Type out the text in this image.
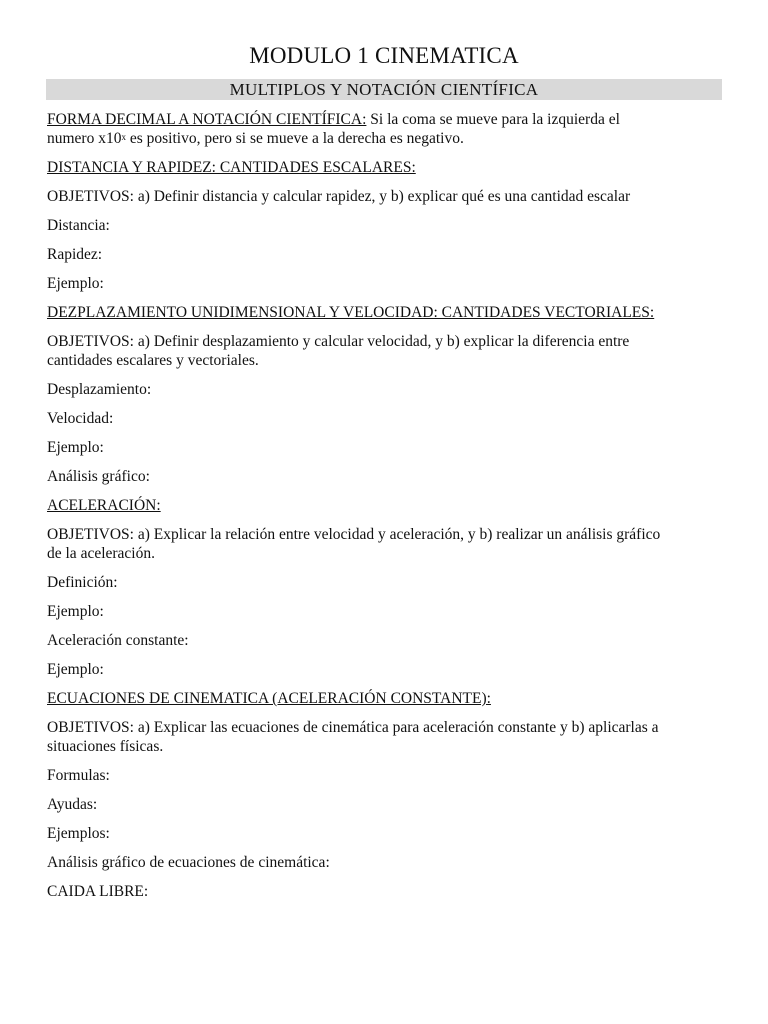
MODULO 1 CINEMATICA
MULTIPLOS Y NOTACIÓN CIENTÍFICA
FORMA DECIMAL A NOTACIÓN CIENTÍFICA: Si la coma se mueve para la izquierda el
numero x10$^x$ es positivo, pero si se mueve a la derecha es negativo.
DISTANCIA Y RAPIDEZ: CANTIDADES ESCALARES:
OBJETIVOS: a) Definir distancia y calcular rapidez, y b) explicar qué es una cantidad escalar
Distancia:
Rapidez:
Ejemplo:
DEZPLAZAMIENTO UNIDIMENSIONAL Y VELOCIDAD: CANTIDADES VECTORIALES:
OBJETIVOS: a) Definir desplazamiento y calcular velocidad, y b) explicar la diferencia entre
cantidades escalares y vectoriales.
Desplazamiento:
Velocidad:
Ejemplo:
Análisis gráfico:
ACELERACIÓN:
OBJETIVOS: a) Explicar la relación entre velocidad y aceleración, y b) realizar un análisis gráfico
de la aceleración.
Definición:
Ejemplo:
Aceleración constante:
Ejemplo:
ECUACIONES DE CINEMATICA (ACELERACIÓN CONSTANTE):
OBJETIVOS: a) Explicar las ecuaciones de cinemática para aceleración constante y b) aplicarlas a
situaciones físicas.
Formulas:
Ayudas:
Ejemplos:
Análisis gráfico de ecuaciones de cinemática:
CAIDA LIBRE:
